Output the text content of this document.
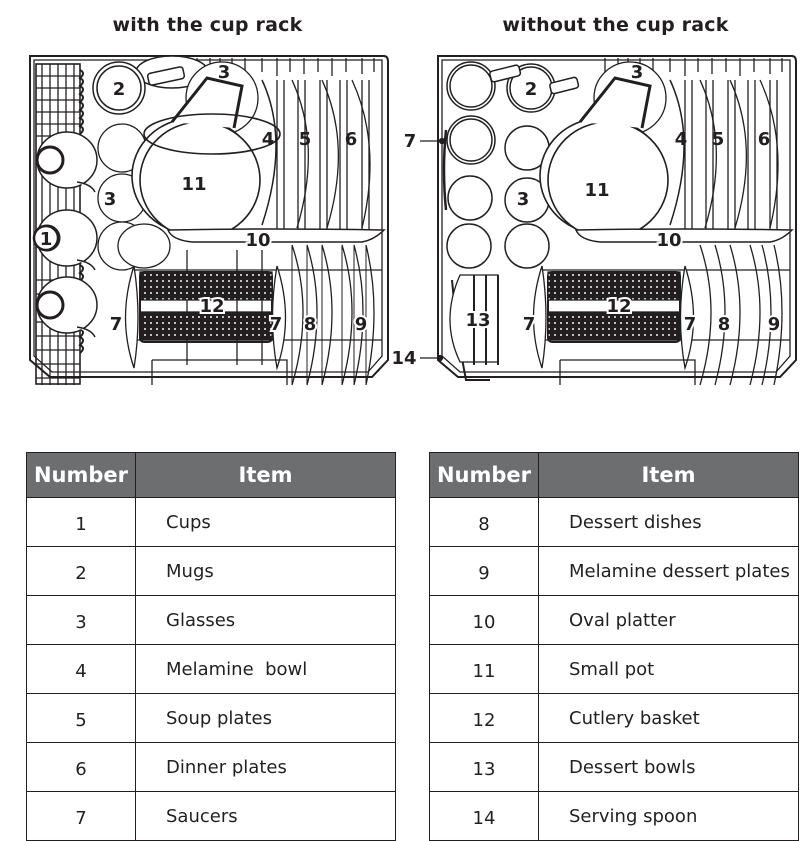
with the cup rack
1
2
3
3
4 5 6
7	7 8 9
10
11
12
without the cup rack
2
3
3
4 5 6
7
7	7 8 9
10
11
12
13
14
Number	Item
1	Cups
2	Mugs
3	Glasses
4	Melamine  bowl
5	Soup plates
6	Dinner plates
7	Saucers
Number	Item
8	Dessert dishes
9	Melamine dessert plates
10	Oval platter
11	Small pot
12	Cutlery basket
13	Dessert bowls
14	Serving spoon
